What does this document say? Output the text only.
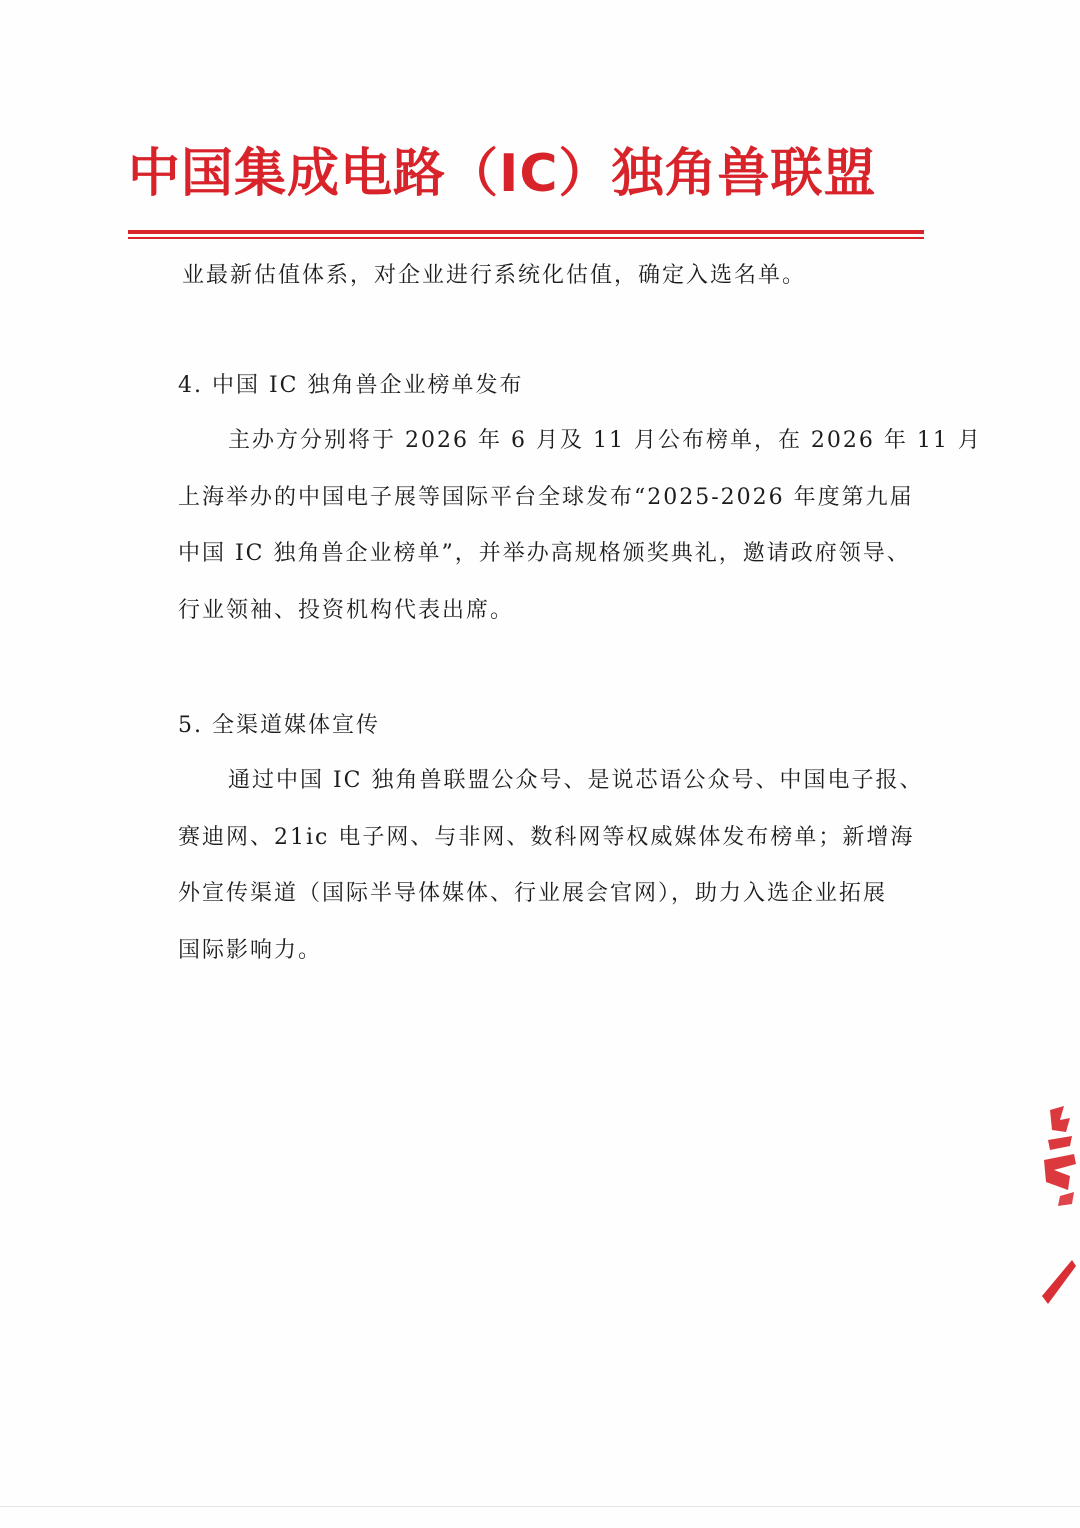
中国集成电路（IC）独角兽联盟

业最新估值体系，对企业进行系统化估值，确定入选名单。

4. 中国 IC 独角兽企业榜单发布

主办方分别将于 2026 年 6 月及 11 月公布榜单，在 2026 年 11 月

上海举办的中国电子展等国际平台全球发布“2025-2026 年度第九届

中国 IC 独角兽企业榜单”，并举办高规格颁奖典礼，邀请政府领导、

行业领袖、投资机构代表出席。

5. 全渠道媒体宣传

通过中国 IC 独角兽联盟公众号、是说芯语公众号、中国电子报、

赛迪网、21ic 电子网、与非网、数科网等权威媒体发布榜单；新增海

外宣传渠道（国际半导体媒体、行业展会官网），助力入选企业拓展

国际影响力。
